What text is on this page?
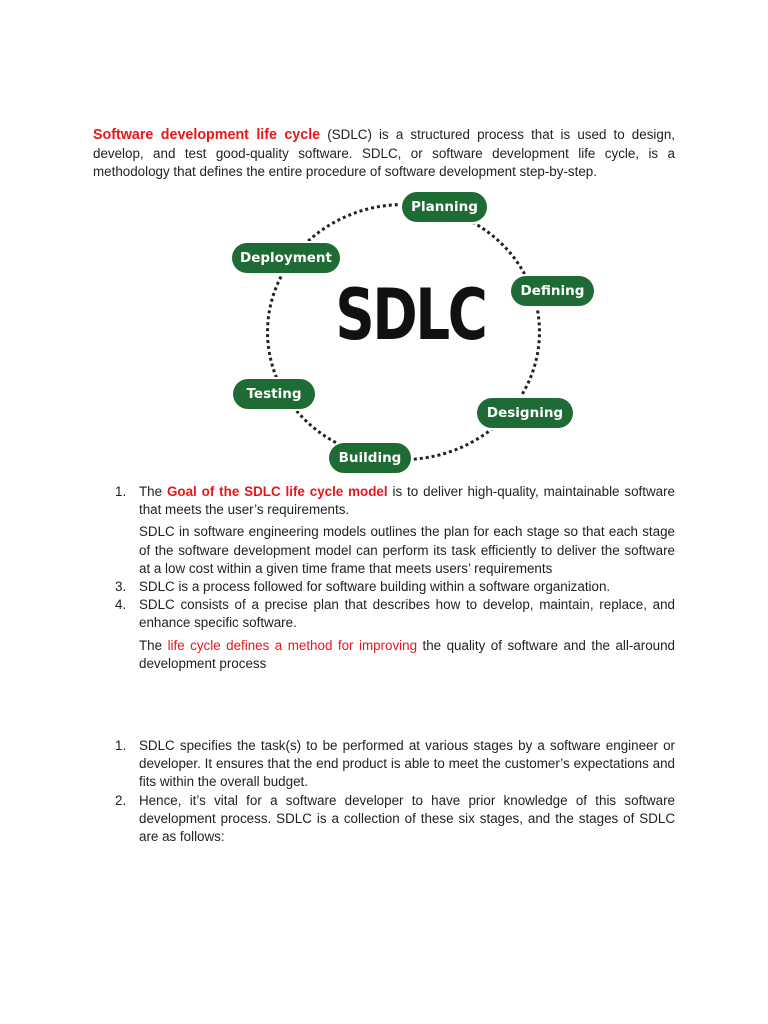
Software development life cycle (SDLC) is a structured process that is used to design, develop, and test good-quality software. SDLC, or software development life cycle, is a methodology that defines the entire procedure of software development step-by-step.

SDLC
Planning
Defining
Designing
Building
Testing
Deployment
1. The Goal of the SDLC life cycle model is to deliver high-quality, maintainable software that meets the user’s requirements.
SDLC in software engineering models outlines the plan for each stage so that each stage of the software development model can perform its task efficiently to deliver the software at a low cost within a given time frame that meets users’ requirements
3. SDLC is a process followed for software building within a software organization.
4. SDLC consists of a precise plan that describes how to develop, maintain, replace, and enhance specific software.
The life cycle defines a method for improving the quality of software and the all-around development process
1. SDLC specifies the task(s) to be performed at various stages by a software engineer or developer. It ensures that the end product is able to meet the customer’s expectations and fits within the overall budget.
2. Hence, it’s vital for a software developer to have prior knowledge of this software development process. SDLC is a collection of these six stages, and the stages of SDLC are as follows:
